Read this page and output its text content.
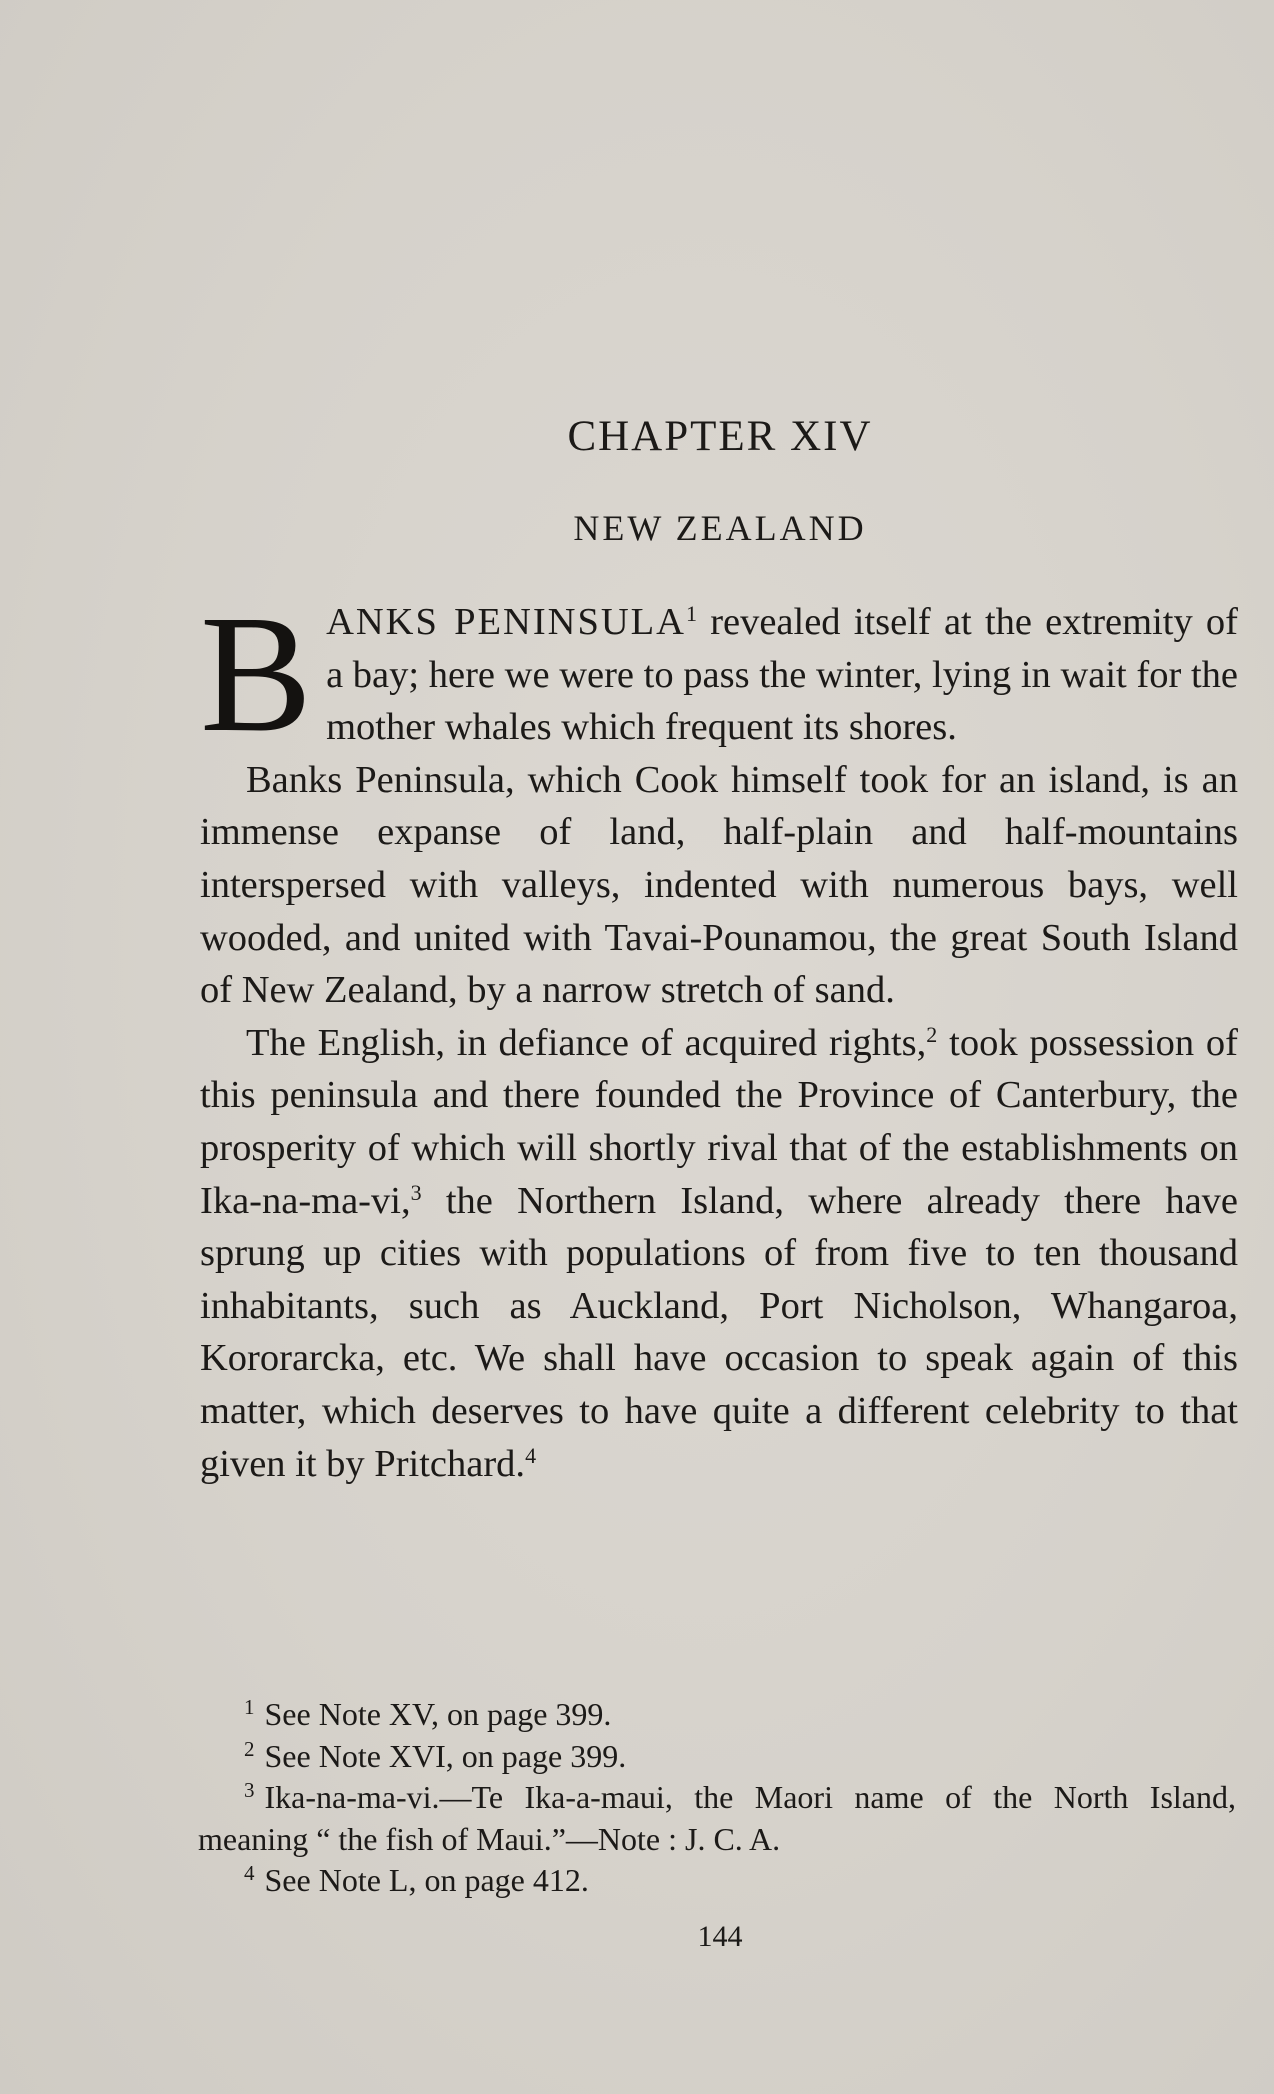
CHAPTER XIV
NEW ZEALAND

BANKS PENINSULA$^1$ revealed itself at the extremity of a bay; here we were to pass the winter, lying in wait for the mother whales which frequent its shores.

Banks Peninsula, which Cook himself took for an island, is an immense expanse of land, half-plain and half-mountains interspersed with valleys, indented with numerous bays, well wooded, and united with Tavai-Pounamou, the great South Island of New Zealand, by a narrow stretch of sand.

The English, in defiance of acquired rights,$^2$ took possession of this peninsula and there founded the Province of Canterbury, the prosperity of which will shortly rival that of the establishments on Ika-na-ma-vi,$^3$ the Northern Island, where already there have sprung up cities with populations of from five to ten thousand inhabitants, such as Auckland, Port Nicholson, Whangaroa, Kororarcka, etc. We shall have occasion to speak again of this matter, which deserves to have quite a different celebrity to that given it by Pritchard.$^4$

$^1$ See Note XV, on page 399.

$^2$ See Note XVI, on page 399.

$^3$ Ika-na-ma-vi.—Te Ika-a-maui, the Maori name of the North Island, meaning “ the fish of Maui.”—Note : J. C. A.

$^4$ See Note L, on page 412.

144
